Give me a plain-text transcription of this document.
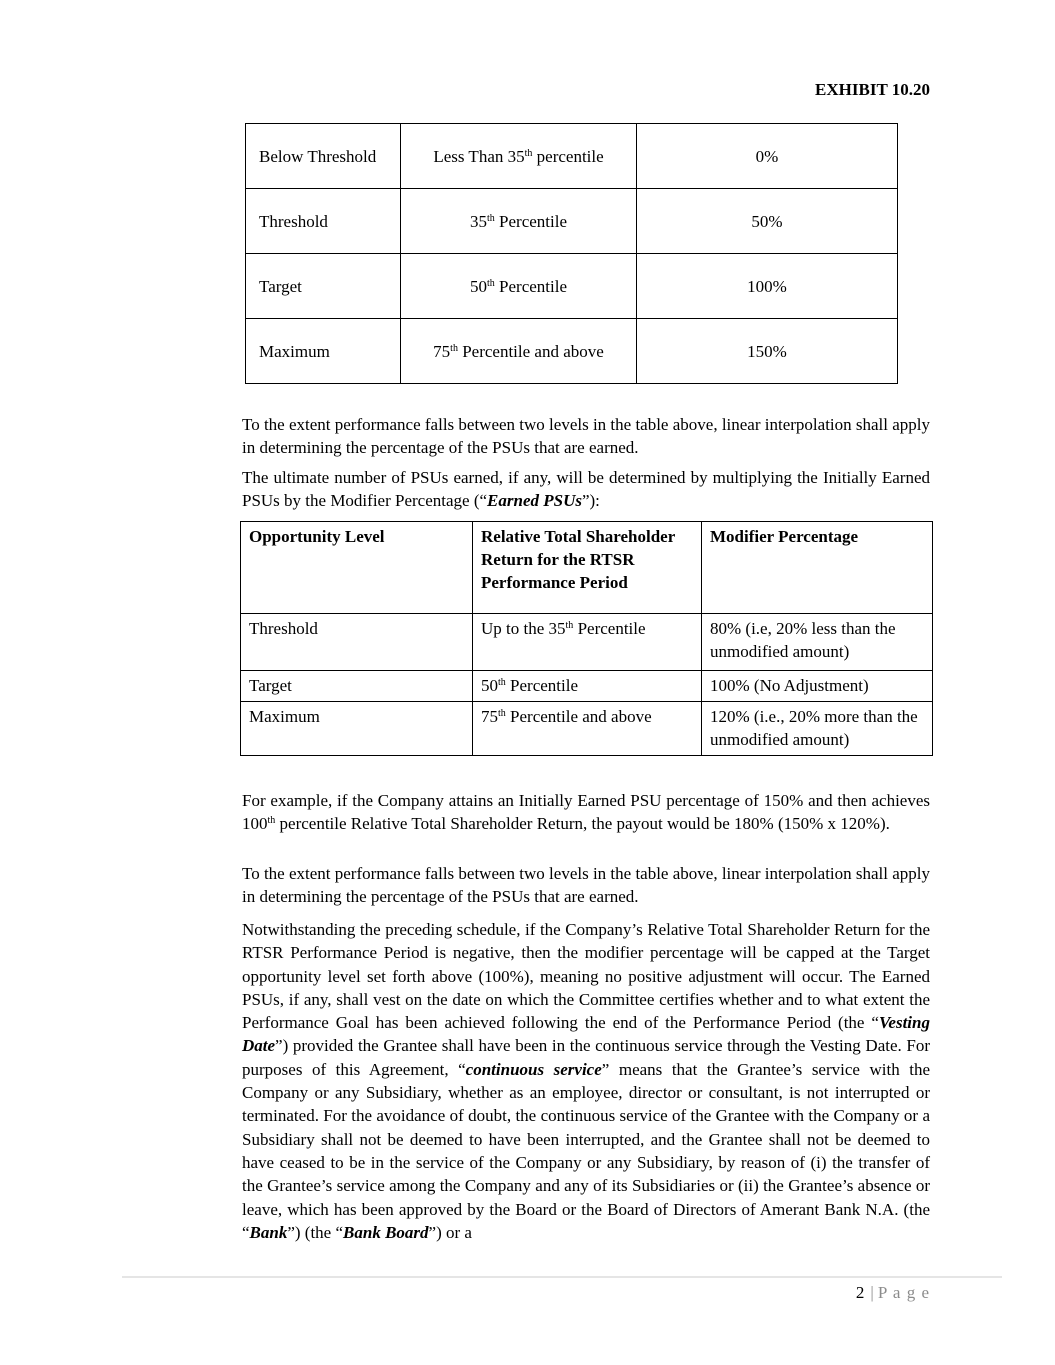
EXHIBIT 10.20
Below Threshold	Less Than 35th percentile	0%
Threshold	35th Percentile	50%
Target	50th Percentile	100%
Maximum	75th Percentile and above	150%

To the extent performance falls between two levels in the table above, linear interpolation shall apply in determining the percentage of the PSUs that are earned.

The ultimate number of PSUs earned, if any, will be determined by multiplying the Initially Earned PSUs by the Modifier Percentage (“Earned PSUs”):

Opportunity Level	Relative Total Shareholder Return for the RTSR Performance Period	Modifier Percentage
Threshold	Up to the 35th Percentile	80% (i.e, 20% less than the unmodified amount)
Target	50th Percentile	100% (No Adjustment)
Maximum	75th Percentile and above	120% (i.e., 20% more than the unmodified amount)

For example, if the Company attains an Initially Earned PSU percentage of 150% and then achieves 100th percentile Relative Total Shareholder Return, the payout would be 180% (150% x 120%).

To the extent performance falls between two levels in the table above, linear interpolation shall apply in determining the percentage of the PSUs that are earned.

Notwithstanding the preceding schedule, if the Company’s Relative Total Shareholder Return for the RTSR Performance Period is negative, then the modifier percentage will be capped at the Target opportunity level set forth above (100%), meaning no positive adjustment will occur. The Earned PSUs, if any, shall vest on the date on which the Committee certifies whether and to what extent the Performance Goal has been achieved following the end of the Performance Period (the “Vesting Date”) provided the Grantee shall have been in the continuous service through the Vesting Date. For purposes of this Agreement, “continuous service” means that the Grantee’s service with the Company or any Subsidiary, whether as an employee, director or consultant, is not interrupted or terminated. For the avoidance of doubt, the continuous service of the Grantee with the Company or a Subsidiary shall not be deemed to have been interrupted, and the Grantee shall not be deemed to have ceased to be in the service of the Company or any Subsidiary, by reason of (i) the transfer of the Grantee’s service among the Company and any of its Subsidiaries or (ii) the Grantee’s absence or leave, which has been approved by the Board or the Board of Directors of Amerant Bank N.A. (the “Bank”) (the “Bank Board”) or a

2 | P a g e
